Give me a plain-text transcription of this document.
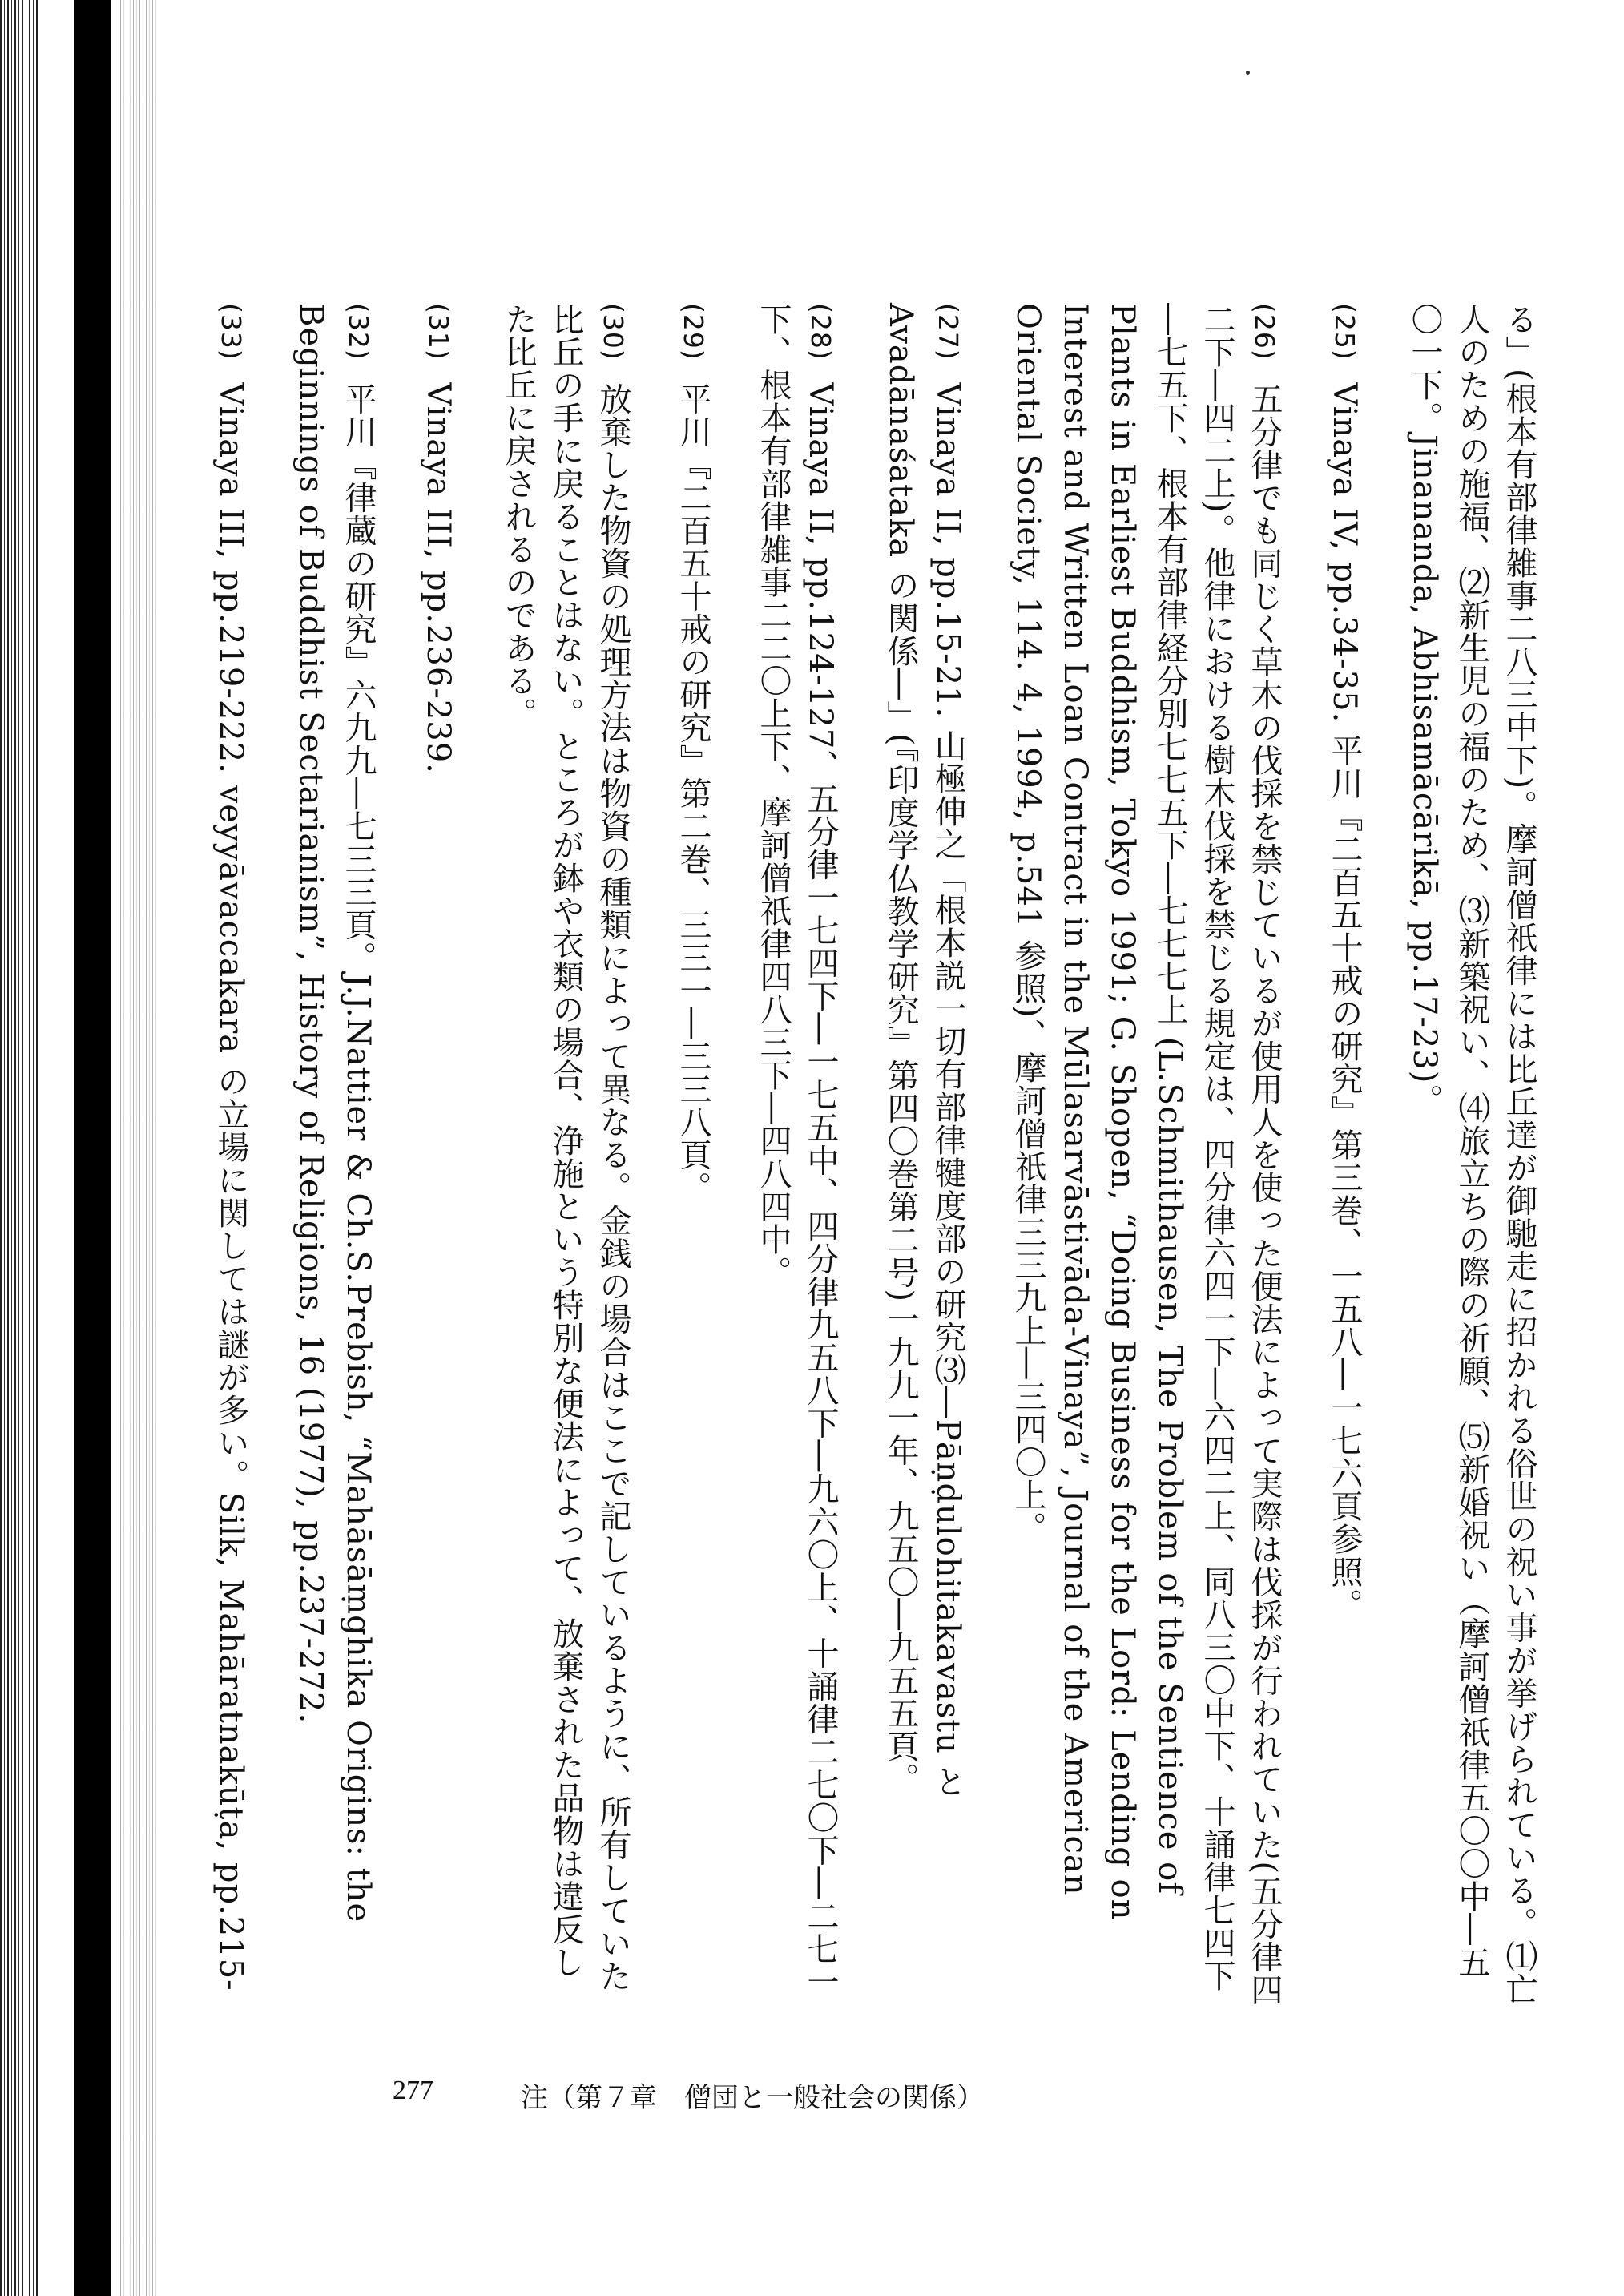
る」(根本有部律雑事二八三中下)。摩訶僧祇律には比丘達が御馳走に招かれる俗世の祝い事が挙げられている。⑴亡人のための施福、⑵新生児の福のため、⑶新築祝い、⑷旅立ちの際の祈願、⑸新婚祝い（摩訶僧祇律五〇〇中―五〇一下。Jinananda, Abhisamācārikā, pp.17-23)。

(25) Vinaya IV, pp.34-35. 平川『二百五十戒の研究』第三巻、一五八―一七六頁参照。

(26) 五分律でも同じく草木の伐採を禁じているが使用人を使った便法によって実際は伐採が行われていた(五分律四二下―四二上)。他律における樹木伐採を禁じる規定は、四分律六四一下―六四二上、同八三〇中下、十誦律七四下―七五下、根本有部律経分別七七五下―七七七上 (L.Schmithausen, The Problem of the Sentience of Plants in Earliest Buddhism, Tokyo 1991; G. Shopen, “Doing Business for the Lord: Lending on Interest and Written Loan Contract in the Mūlasarvāstivāda-Vinaya”, Journal of the American Oriental Society, 114. 4, 1994, p.541 参照)、摩訶僧祇律三三九上―三四〇上。

(27) Vinaya II, pp.15-21. 山極伸之「根本説一切有部律犍度部の研究⑶―Pāṇḍulohitakavastu と Avadānaśataka の関係―」(『印度学仏教学研究』第四〇巻第二号)一九九一年、九五〇―九五五頁。

(28) Vinaya II, pp.124-127、五分律一七四下―一七五中、四分律九五八下―九六〇上、十誦律二七〇下―二七一下、根本有部律雑事二二〇上下、摩訶僧祇律四八三下―四八四中。

(29) 平川『二百五十戒の研究』第二巻、三三一―三三八頁。

(30) 放棄した物資の処理方法は物資の種類によって異なる。金銭の場合はここで記しているように、所有していた比丘の手に戻ることはない。ところが鉢や衣類の場合、浄施という特別な便法によって、放棄された品物は違反した比丘に戻されるのである。

(31) Vinaya III, pp.236-239.

(32) 平川『律蔵の研究』六九九―七三三頁。J.J.Nattier & Ch.S.Prebish, “Mahāsāṃghika Origins: the Beginnings of Buddhist Sectarianism”, History of Religions, 16 (1977), pp.237-272.

(33) Vinaya III, pp.219-222. veyyāvaccakara の立場に関しては謎が多い。Silk, Mahāratnakūṭa, pp.215-

277	注（第７章　僧団と一般社会の関係）
